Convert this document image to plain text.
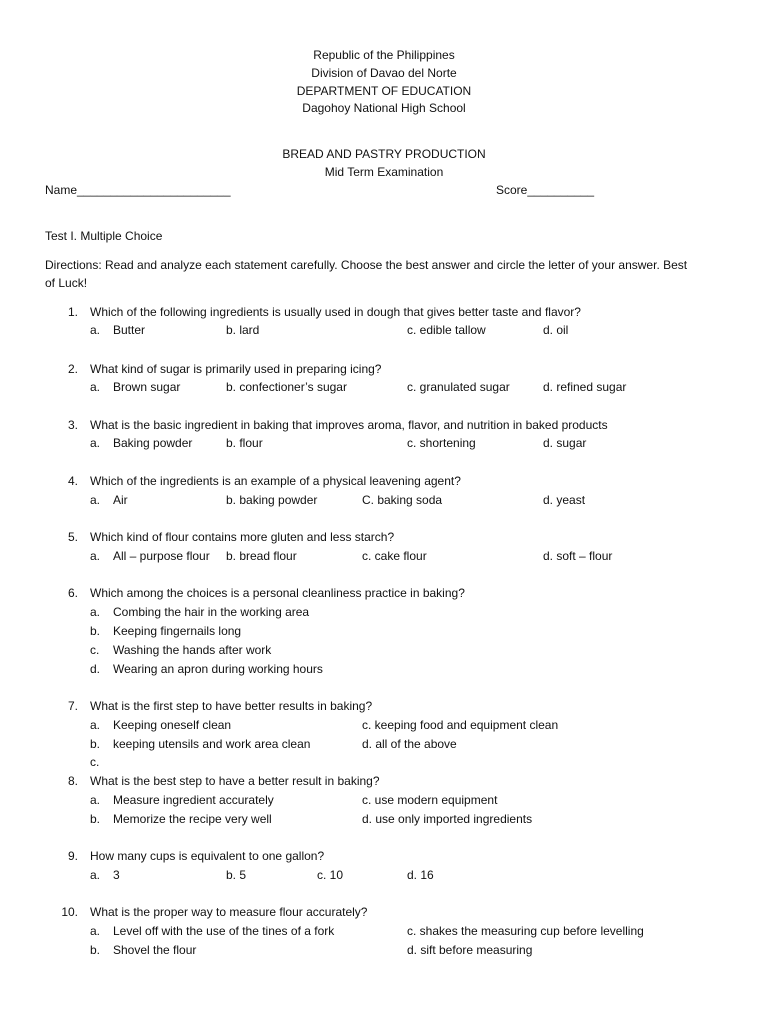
Republic of the Philippines
Division of Davao del Norte
DEPARTMENT OF EDUCATION
Dagohoy National High School
BREAD AND PASTRY PRODUCTION
Mid Term Examination
Name_______________________	Score__________
Test I. Multiple Choice
Directions: Read and analyze each statement carefully. Choose the best answer and circle the letter of your answer. Best
of Luck!
1. Which of the following ingredients is usually used in dough that gives better taste and flavor?
a. Butter	b. lard	c. edible tallow	d. oil
2. What kind of sugar is primarily used in preparing icing?
a. Brown sugar	b. confectioner’s sugar	c. granulated sugar	d. refined sugar
3. What is the basic ingredient in baking that improves aroma, flavor, and nutrition in baked products
a. Baking powder	b. flour	c. shortening	d. sugar
4. Which of the ingredients is an example of a physical leavening agent?
a. Air	b. baking powder	C. baking soda	d. yeast
5. Which kind of flour contains more gluten and less starch?
a. All – purpose flour b. bread flour	c. cake flour	d. soft – flour
6. Which among the choices is a personal cleanliness practice in baking?
a. Combing the hair in the working area
b. Keeping fingernails long
c. Washing the hands after work
d. Wearing an apron during working hours
7. What is the first step to have better results in baking?
a. Keeping oneself clean	c. keeping food and equipment clean
b. keeping utensils and work area clean	d. all of the above
c.
8. What is the best step to have a better result in baking?
a. Measure ingredient accurately	c. use modern equipment
b. Memorize the recipe very well	d. use only imported ingredients
9. How many cups is equivalent to one gallon?
a. 3	b. 5	c. 10	d. 16
10. What is the proper way to measure flour accurately?
a. Level off with the use of the tines of a fork	c. shakes the measuring cup before levelling
b. Shovel the flour	d. sift before measuring
